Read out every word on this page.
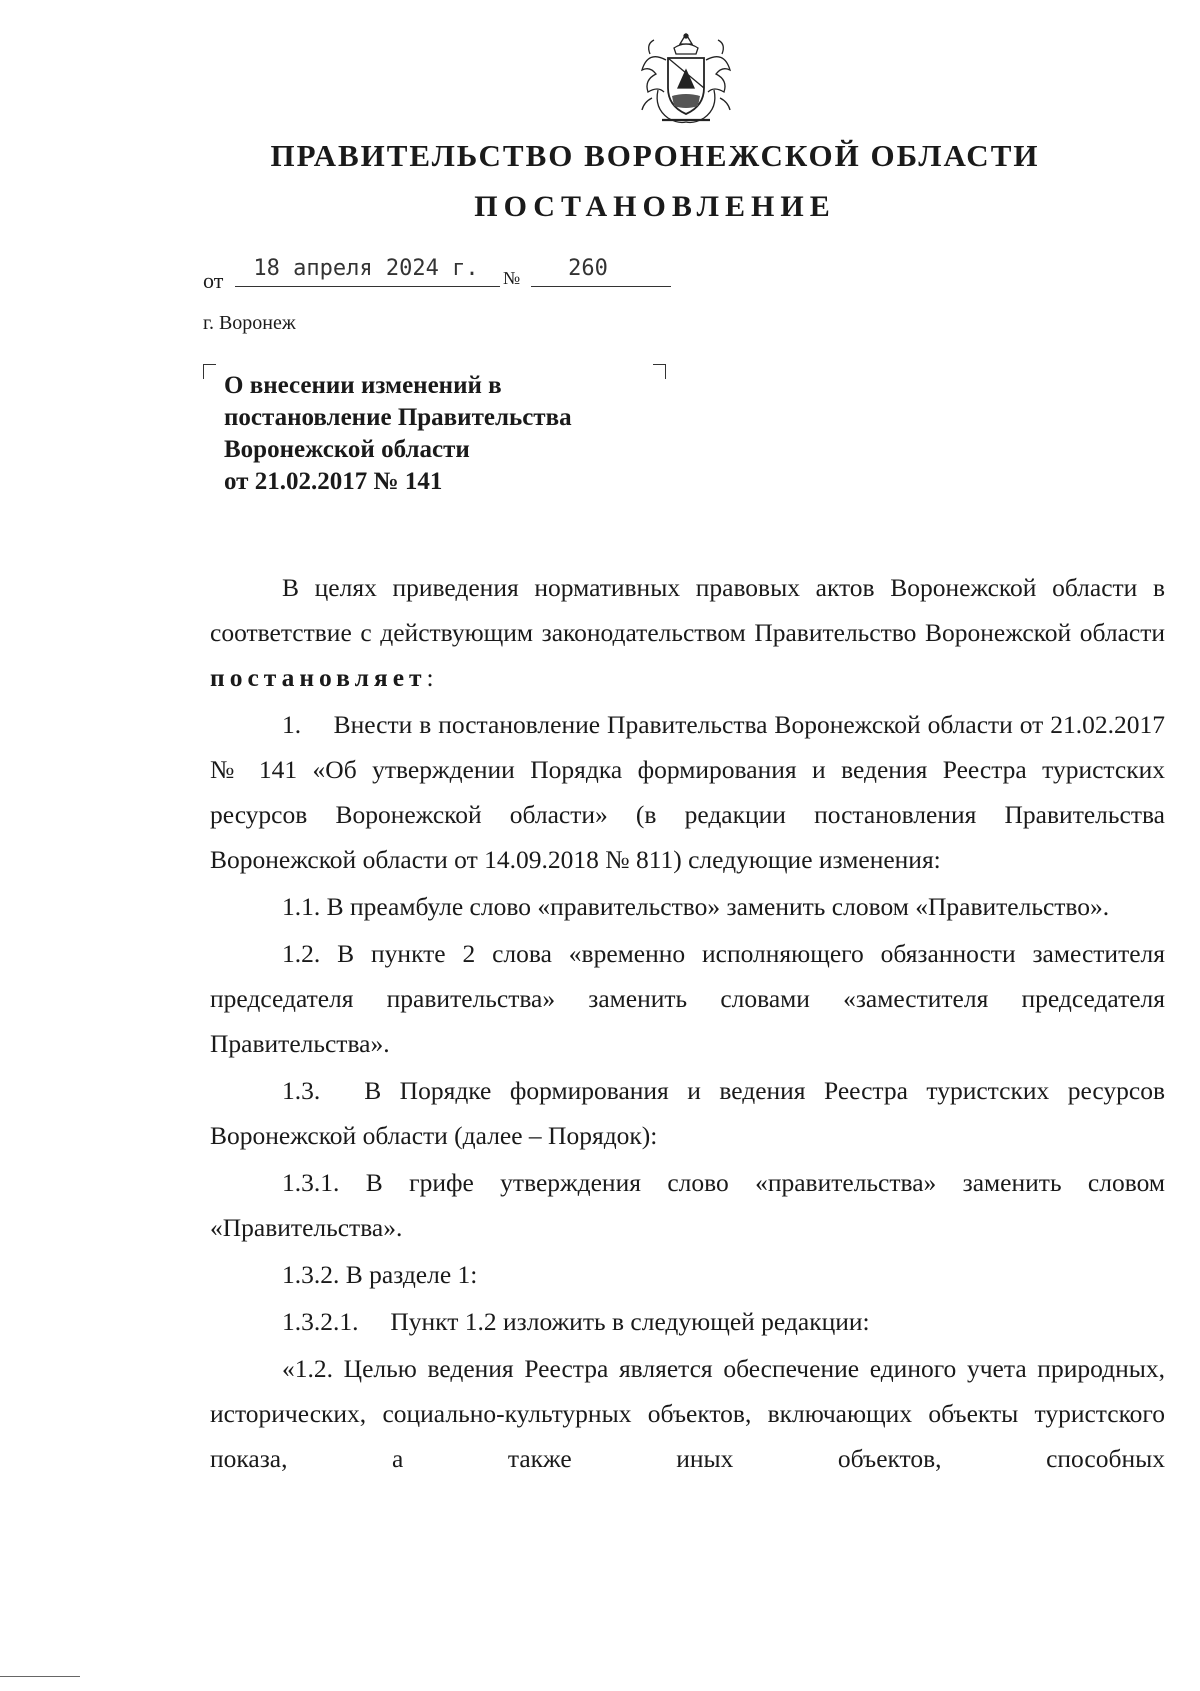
ПРАВИТЕЛЬСТВО ВОРОНЕЖСКОЙ ОБЛАСТИ
ПОСТАНОВЛЕНИЕ
от	18 апреля 2024 г.	№	260
г. Воронеж
О внесении изменений в
постановление Правительства
Воронежской области
от 21.02.2017 № 141

В целях приведения нормативных правовых актов Воронежской области в соответствие с действующим законодательством Правительство Воронежской области постановляет:

1.  Внести в постановление Правительства Воронежской области от 21.02.2017 № 141 «Об утверждении Порядка формирования и ведения Реестра туристских ресурсов Воронежской области» (в редакции постановления Правительства Воронежской области от 14.09.2018 № 811) следующие изменения:

1.1. В преамбуле слово «правительство» заменить словом «Правительство».

1.2. В пункте 2 слова «временно исполняющего обязанности заместителя председателя правительства» заменить словами «заместителя председателя Правительства».

1.3.  В Порядке формирования и ведения Реестра туристских ресурсов Воронежской области (далее – Порядок):

1.3.1. В грифе утверждения слово «правительства» заменить словом «Правительства».

1.3.2. В разделе 1:

1.3.2.1.  Пункт 1.2 изложить в следующей редакции:

«1.2. Целью ведения Реестра является обеспечение единого учета природных, исторических, социально-культурных объектов, включающих объекты туристского показа, а также иных объектов, способных
